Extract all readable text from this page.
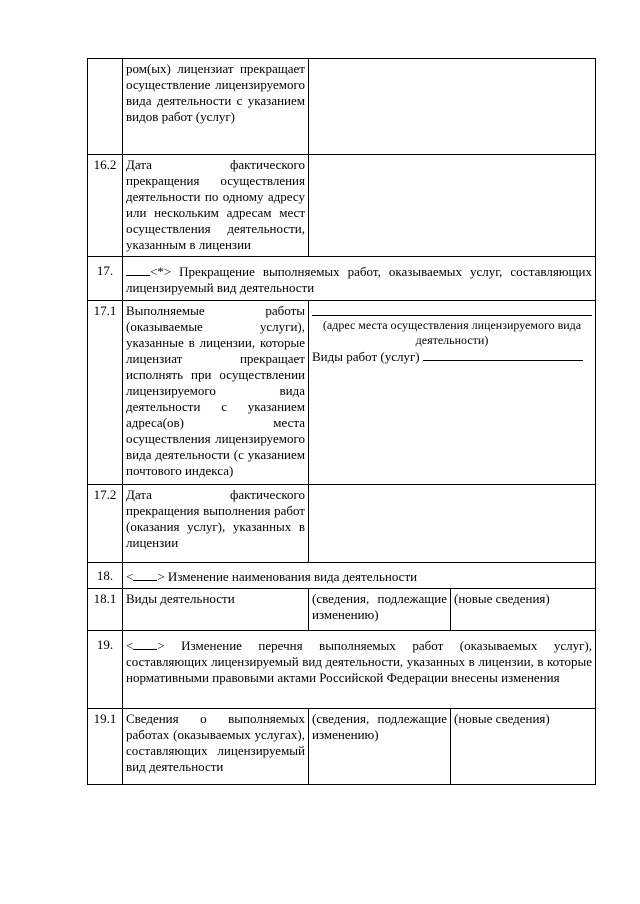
	ром(ых) лицензиат прекращает осуществление лицензируемого вида деятельности с указанием видов работ (услуг)		
16.2	Дата фактического прекращения осуществления деятельности по одному адресу или нескольким адресам мест осуществления деятельности, указанным в лицензии		
17.	<*> Прекращение выполняемых работ, оказываемых услуг, составляющих лицензируемый вид деятельности		
17.1	Выполняемые работы (оказываемые услуги), указанные в лицензии, которые лицензиат прекращает исполнять при осуществлении лицензируемого вида деятельности с указанием адреса(ов) места осуществления лицензируемого вида деятельности (с указанием почтового индекса)	(адрес места осуществления лицензируемого вида деятельности)
Виды работ (услуг)	

17.2	Дата фактического прекращения выполнения работ (оказания услуг), указанных в лицензии		
18.	< > Изменение наименования вида деятельности		
18.1	Виды деятельности	(сведения, подлежащие изменению)	(новые сведения)
19.	< > Изменение перечня выполняемых работ (оказываемых услуг), составляющих лицензируемый вид деятельности, указанных в лицензии, в которые нормативными правовыми актами Российской Федерации внесены изменения		
19.1	Сведения о выполняемых работах (оказываемых услугах), составляющих лицензируемый вид деятельности	(сведения, подлежащие изменению)	(новые сведения)
